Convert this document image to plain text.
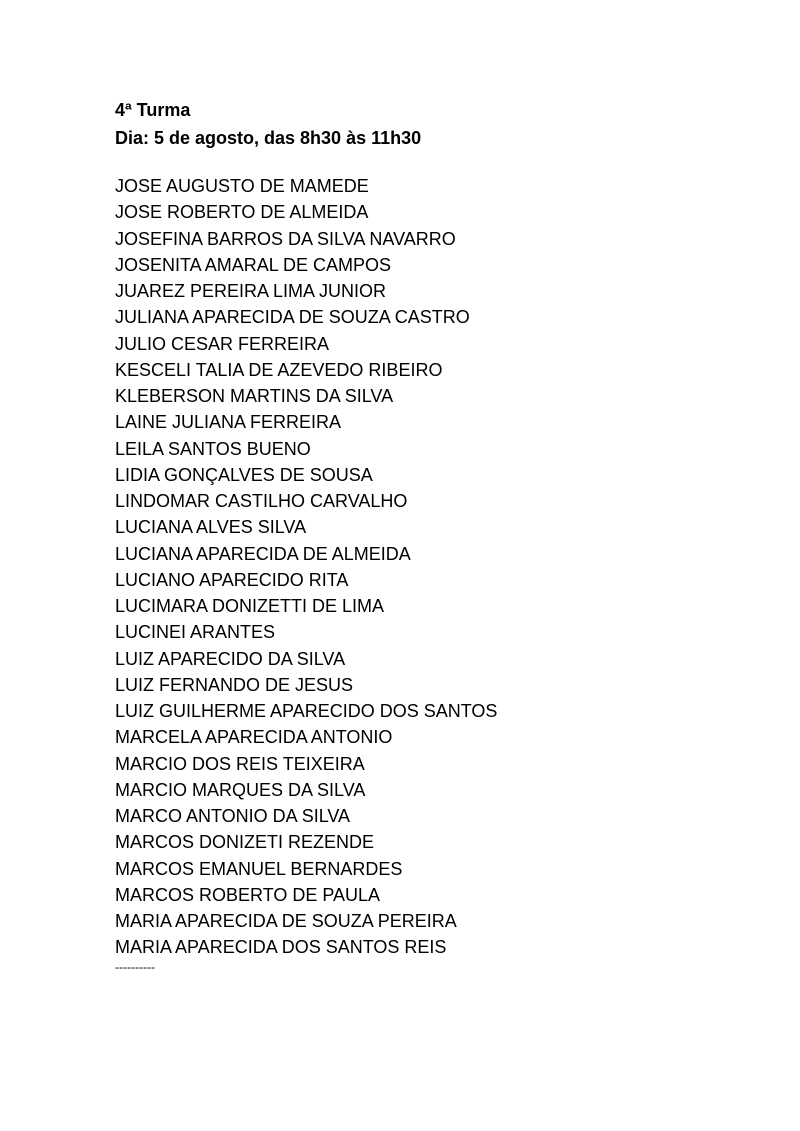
4ª Turma
Dia: 5 de agosto, das 8h30 às 11h30
JOSE AUGUSTO DE MAMEDE
JOSE ROBERTO DE ALMEIDA
JOSEFINA BARROS DA SILVA NAVARRO
JOSENITA AMARAL DE CAMPOS
JUAREZ PEREIRA LIMA JUNIOR
JULIANA APARECIDA DE SOUZA CASTRO
JULIO CESAR FERREIRA
KESCELI TALIA DE AZEVEDO RIBEIRO
KLEBERSON MARTINS DA SILVA
LAINE JULIANA FERREIRA
LEILA SANTOS BUENO
LIDIA GONÇALVES DE SOUSA
LINDOMAR CASTILHO CARVALHO
LUCIANA ALVES SILVA
LUCIANA APARECIDA DE ALMEIDA
LUCIANO APARECIDO RITA
LUCIMARA DONIZETTI DE LIMA
LUCINEI ARANTES
LUIZ APARECIDO DA SILVA
LUIZ FERNANDO DE JESUS
LUIZ GUILHERME APARECIDO DOS SANTOS
MARCELA APARECIDA ANTONIO
MARCIO DOS REIS TEIXEIRA
MARCIO MARQUES DA SILVA
MARCO ANTONIO DA SILVA
MARCOS DONIZETI REZENDE
MARCOS EMANUEL BERNARDES
MARCOS ROBERTO DE PAULA
MARIA APARECIDA DE SOUZA PEREIRA
MARIA APARECIDA DOS SANTOS REIS
----------
